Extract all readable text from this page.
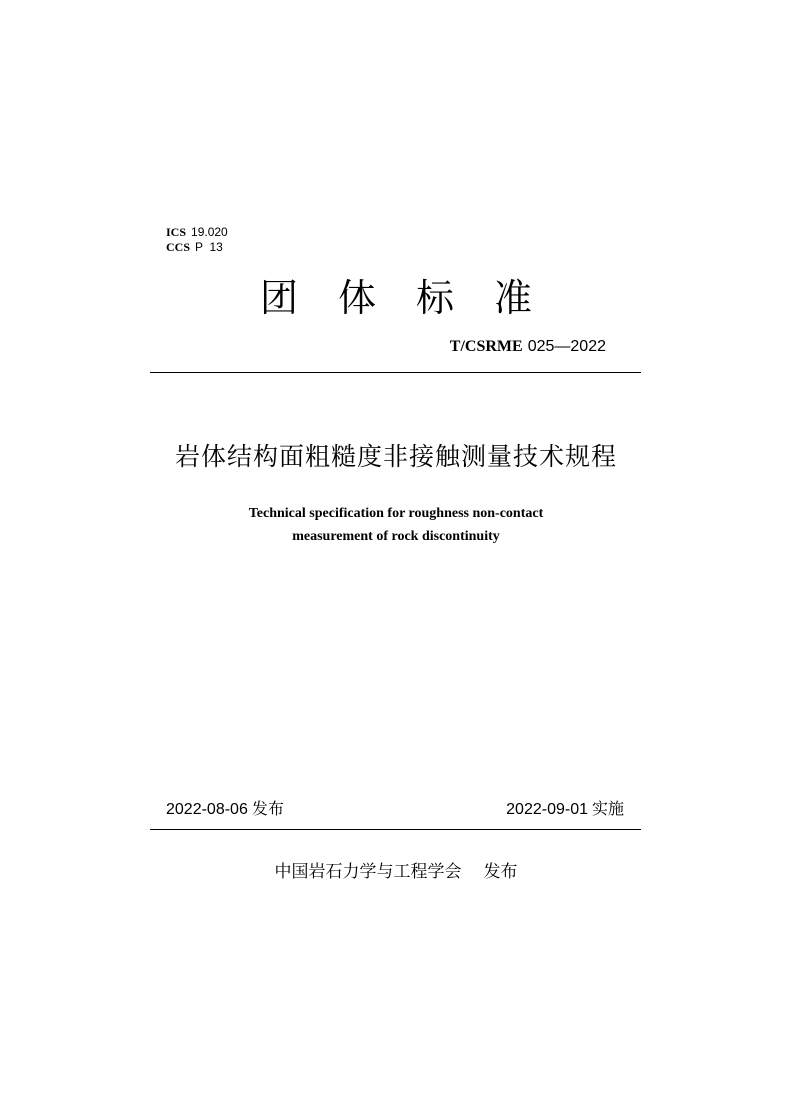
ICS 19.020
CCS P  13
团体标准
T/CSRME 025—2022
岩体结构面粗糙度非接触测量技术规程
Technical specification for roughness non-contact
measurement of rock discontinuity
2022-08-06 发布	2022-09-01 实施
中国岩石力学与工程学会 发布
